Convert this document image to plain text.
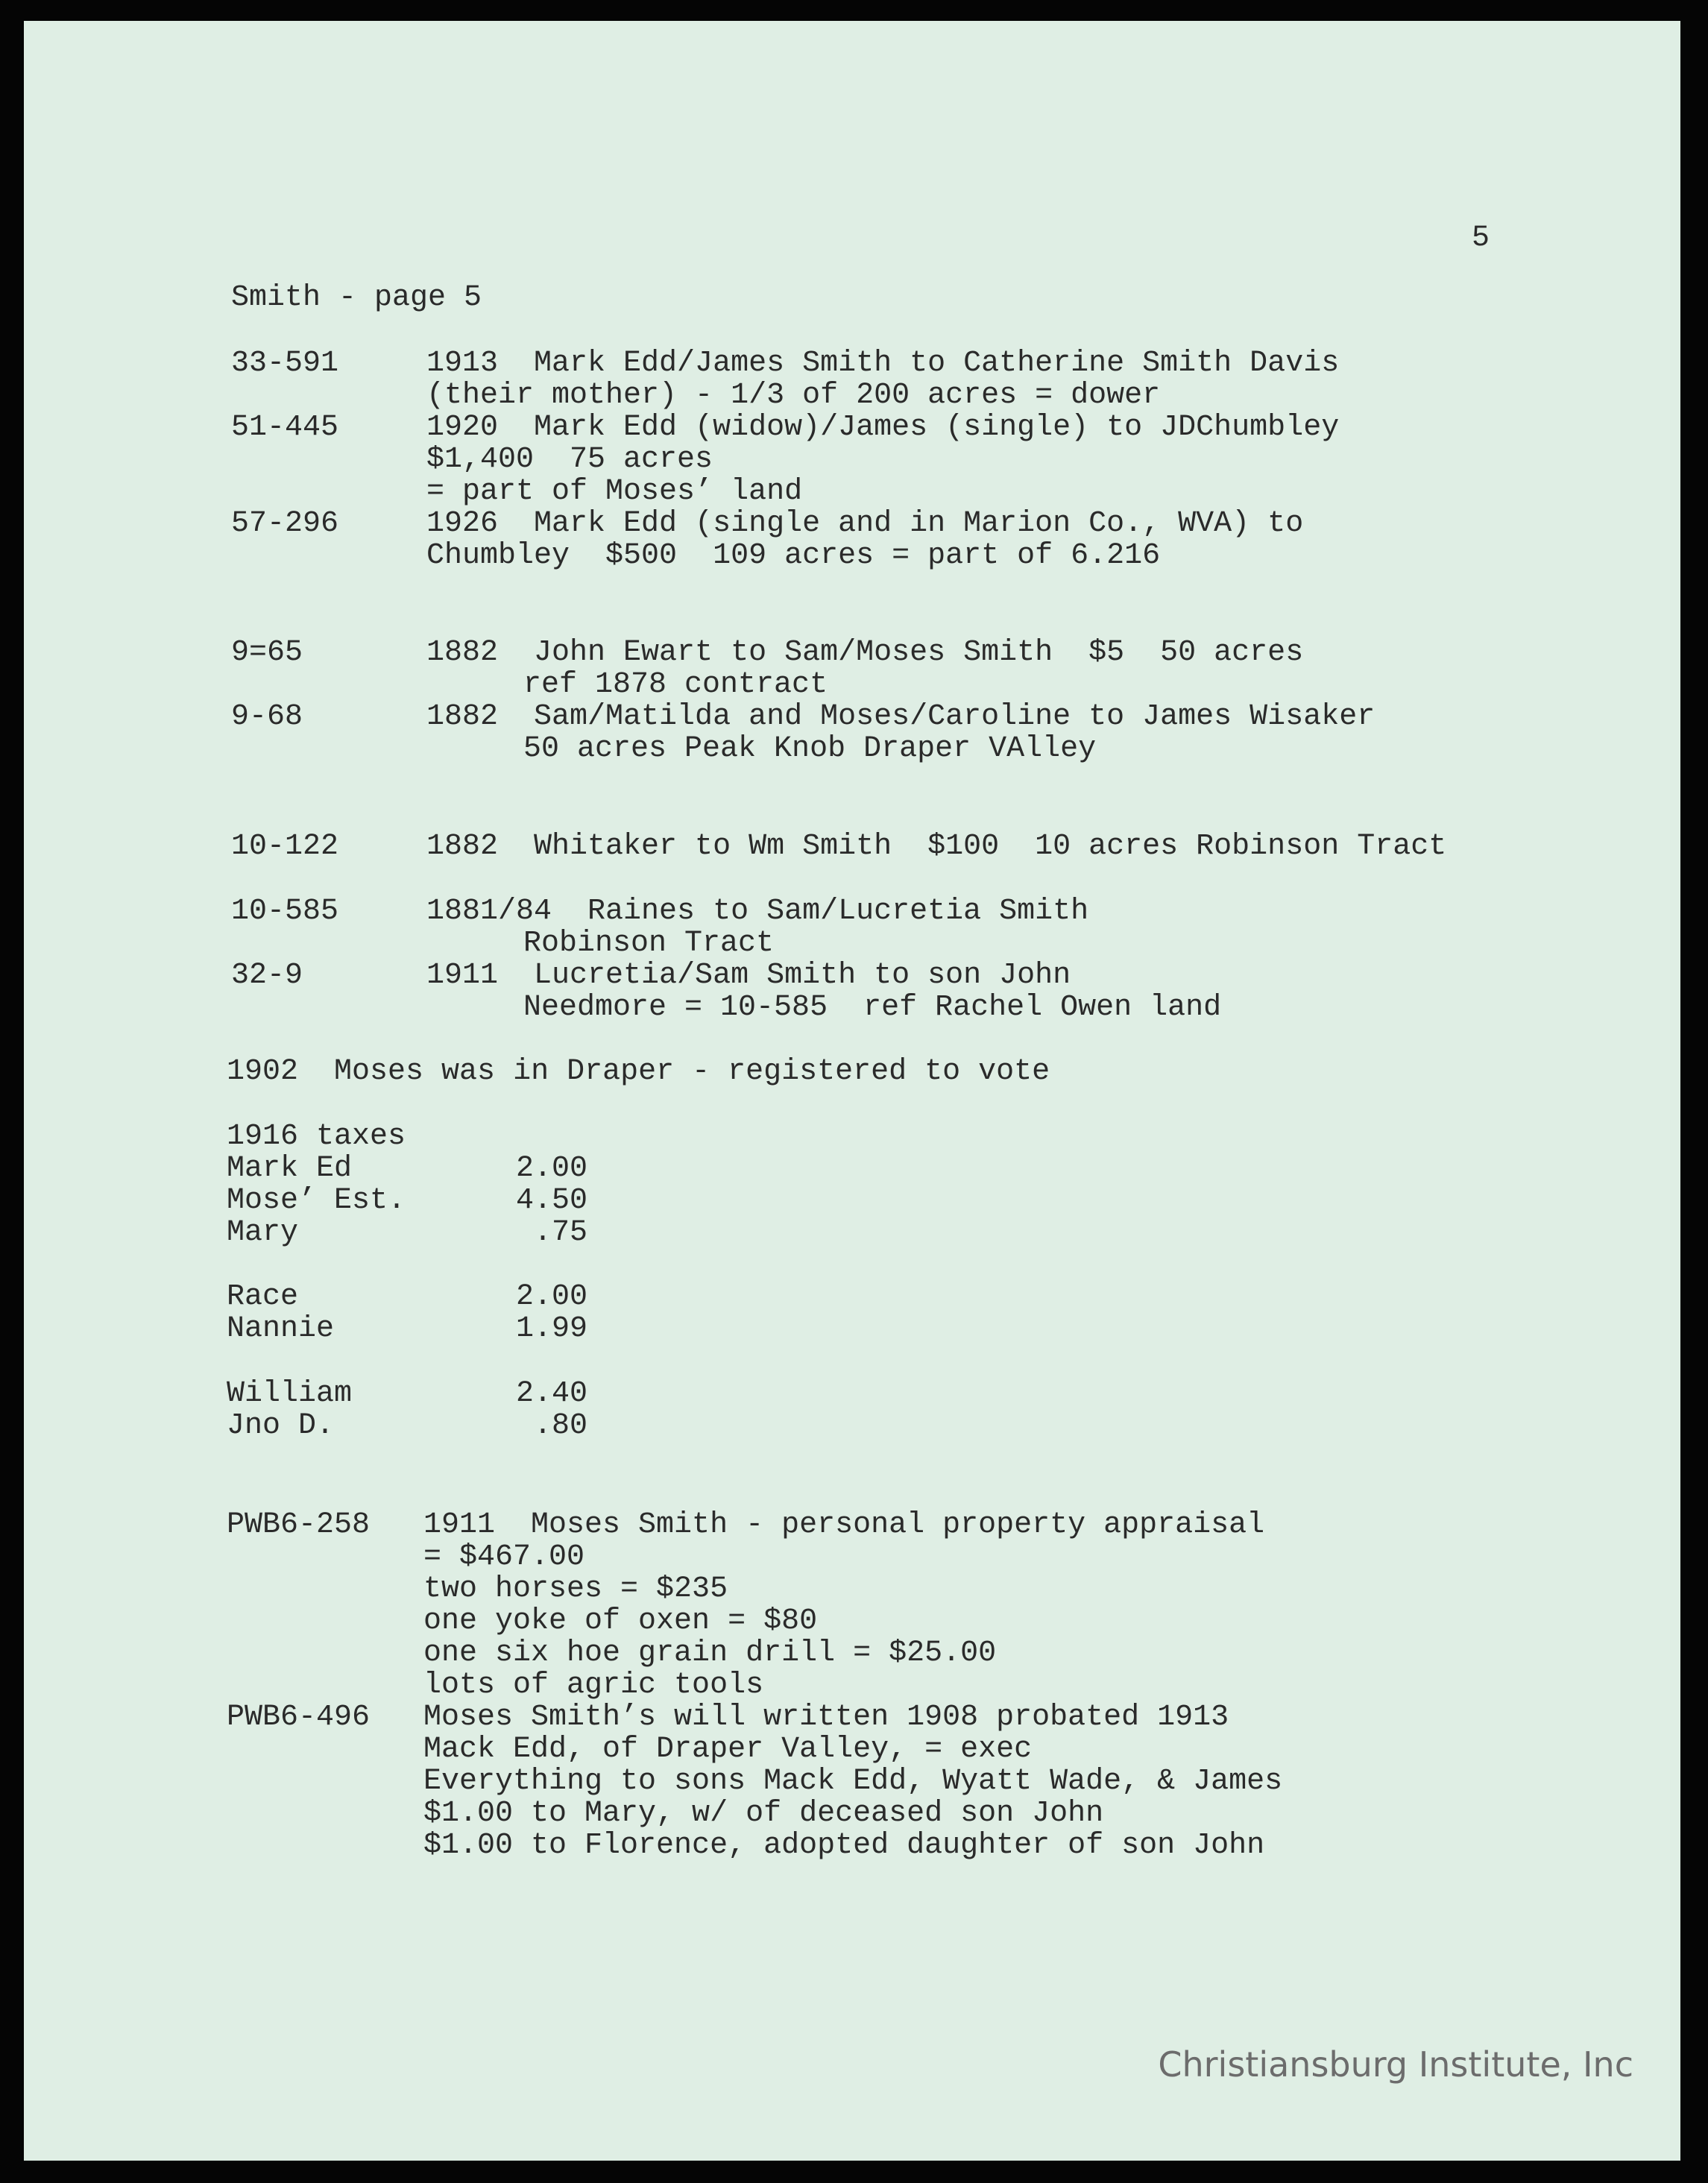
5
Smith - page 5
33-591	1913  Mark Edd/James Smith to Catherine Smith Davis
(their mother) - 1/3 of 200 acres = dower
51-445	1920  Mark Edd (widow)/James (single) to JDChumbley
$1,400  75 acres
= part of Moses’ land
57-296	1926  Mark Edd (single and in Marion Co., WVA) to
Chumbley  $500  109 acres = part of 6.216
9=65	1882  John Ewart to Sam/Moses Smith  $5  50 acres
ref 1878 contract
9-68	1882  Sam/Matilda and Moses/Caroline to James Wisaker
50 acres Peak Knob Draper VAlley
10-122	1882  Whitaker to Wm Smith  $100  10 acres Robinson Tract
10-585	1881/84  Raines to Sam/Lucretia Smith
Robinson Tract
32-9	1911  Lucretia/Sam Smith to son John
Needmore = 10-585  ref Rachel Owen land
1902  Moses was in Draper - registered to vote
1916 taxes
Mark Ed	2.00
Mose’ Est.	4.50
Mary	.75
Race	2.00
Nannie	1.99
William	2.40
Jno D.	.80
PWB6-258 1911  Moses Smith - personal property appraisal
= $467.00
two horses = $235
one yoke of oxen = $80
one six hoe grain drill = $25.00
lots of agric tools
PWB6-496 Moses Smith’s will written 1908 probated 1913
Mack Edd, of Draper Valley, = exec
Everything to sons Mack Edd, Wyatt Wade, & James
$1.00 to Mary, w/ of deceased son John
$1.00 to Florence, adopted daughter of son John
Christiansburg Institute, Inc
